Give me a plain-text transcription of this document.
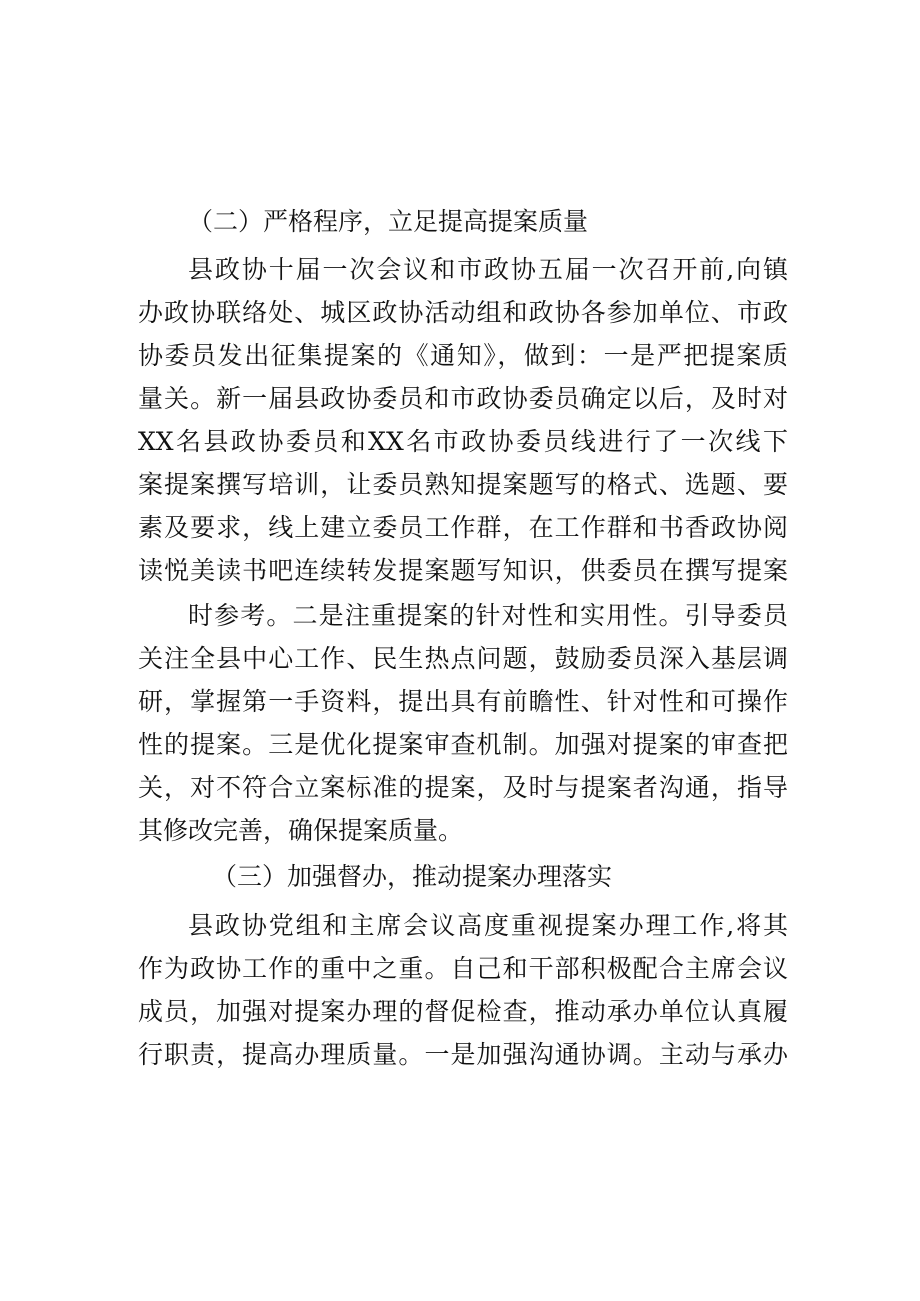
（二）严格程序，立足提高提案质量
县政协十届一次会议和市政协五届一次召开前,向镇
办政协联络处、城区政协活动组和政协各参加单位、市政
协委员发出征集提案的《通知》，做到：一是严把提案质
量关。新一届县政协委员和市政协委员确定以后，及时对
XX名县政协委员和XX名市政协委员线进行了一次线下
案提案撰写培训，让委员熟知提案题写的格式、选题、要
素及要求，线上建立委员工作群，在工作群和书香政协阅
读悦美读书吧连续转发提案题写知识，供委员在撰写提案
时参考。二是注重提案的针对性和实用性。引导委员
关注全县中心工作、民生热点问题，鼓励委员深入基层调
研，掌握第一手资料，提出具有前瞻性、针对性和可操作
性的提案。三是优化提案审查机制。加强对提案的审查把
关，对不符合立案标准的提案，及时与提案者沟通，指导
其修改完善，确保提案质量。
（三）加强督办，推动提案办理落实
县政协党组和主席会议高度重视提案办理工作,将其
作为政协工作的重中之重。自己和干部积极配合主席会议
成员，加强对提案办理的督促检查，推动承办单位认真履
行职责，提高办理质量。一是加强沟通协调。主动与承办
